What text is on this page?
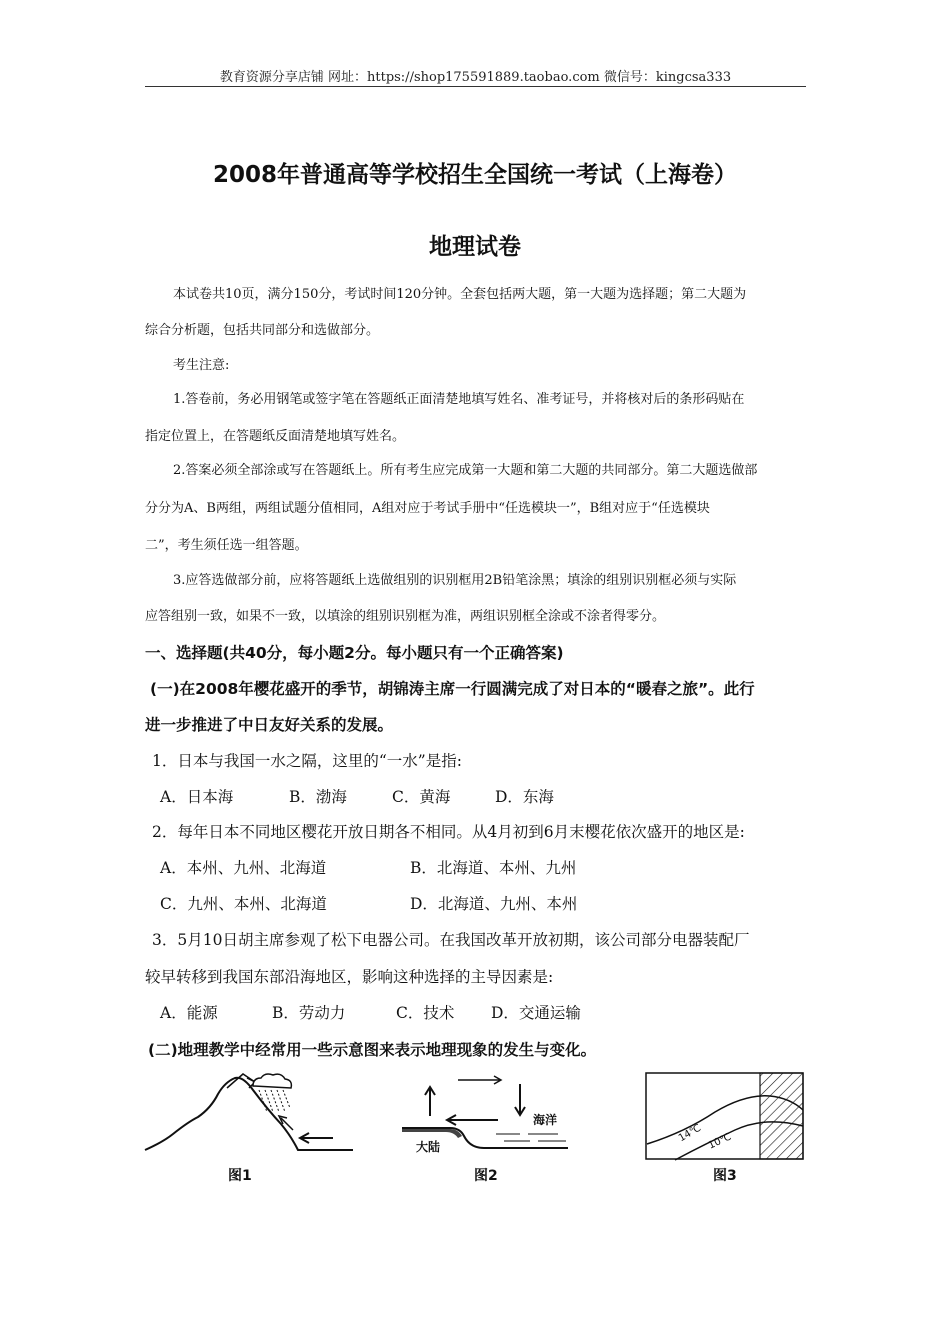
教育资源分享店铺 网址：https://shop175591889.taobao.com 微信号：kingcsa333
2008年普通高等学校招生全国统一考试（上海卷）
地理试卷
本试卷共10页，满分150分，考试时间120分钟。全套包括两大题，第一大题为选择题；第二大题为
综合分析题，包括共同部分和选做部分。
考生注意:
1.答卷前，务必用钢笔或签字笔在答题纸正面清楚地填写姓名、准考证号，并将核对后的条形码贴在
指定位置上，在答题纸反面清楚地填写姓名。
2.答案必须全部涂或写在答题纸上。所有考生应完成第一大题和第二大题的共同部分。第二大题选做部
分分为A、B两组，两组试题分值相同，A组对应于考试手册中“任选模块一”，B组对应于“任选模块
二”，考生须任选一组答题。
3.应答选做部分前，应将答题纸上选做组别的识别框用2B铅笔涂黑；填涂的组别识别框必须与实际
应答组别一致，如果不一致，以填涂的组别识别框为准，两组识别框全涂或不涂者得零分。
一、选择题(共40分，每小题2分。每小题只有一个正确答案)
(一)在2008年樱花盛开的季节，胡锦涛主席一行圆满完成了对日本的“暖春之旅”。此行
进一步推进了中日友好关系的发展。
1．日本与我国一水之隔，这里的“一水”是指:
A．日本海	B．渤海	C．黄海	D．东海
2．每年日本不同地区樱花开放日期各不相同。从4月初到6月末樱花依次盛开的地区是:
A．本州、九州、北海道	B．北海道、本州、九州
C．九州、本州、北海道	D．北海道、九州、本州
3．5月10日胡主席参观了松下电器公司。在我国改革开放初期，该公司部分电器装配厂
较早转移到我国东部沿海地区，影响这种选择的主导因素是:
A．能源	B．劳动力	C．技术 D．交通运输
(二)地理教学中经常用一些示意图来表示地理现象的发生与变化。
图1
海洋
大陆
图2
14℃ 10℃
图3
